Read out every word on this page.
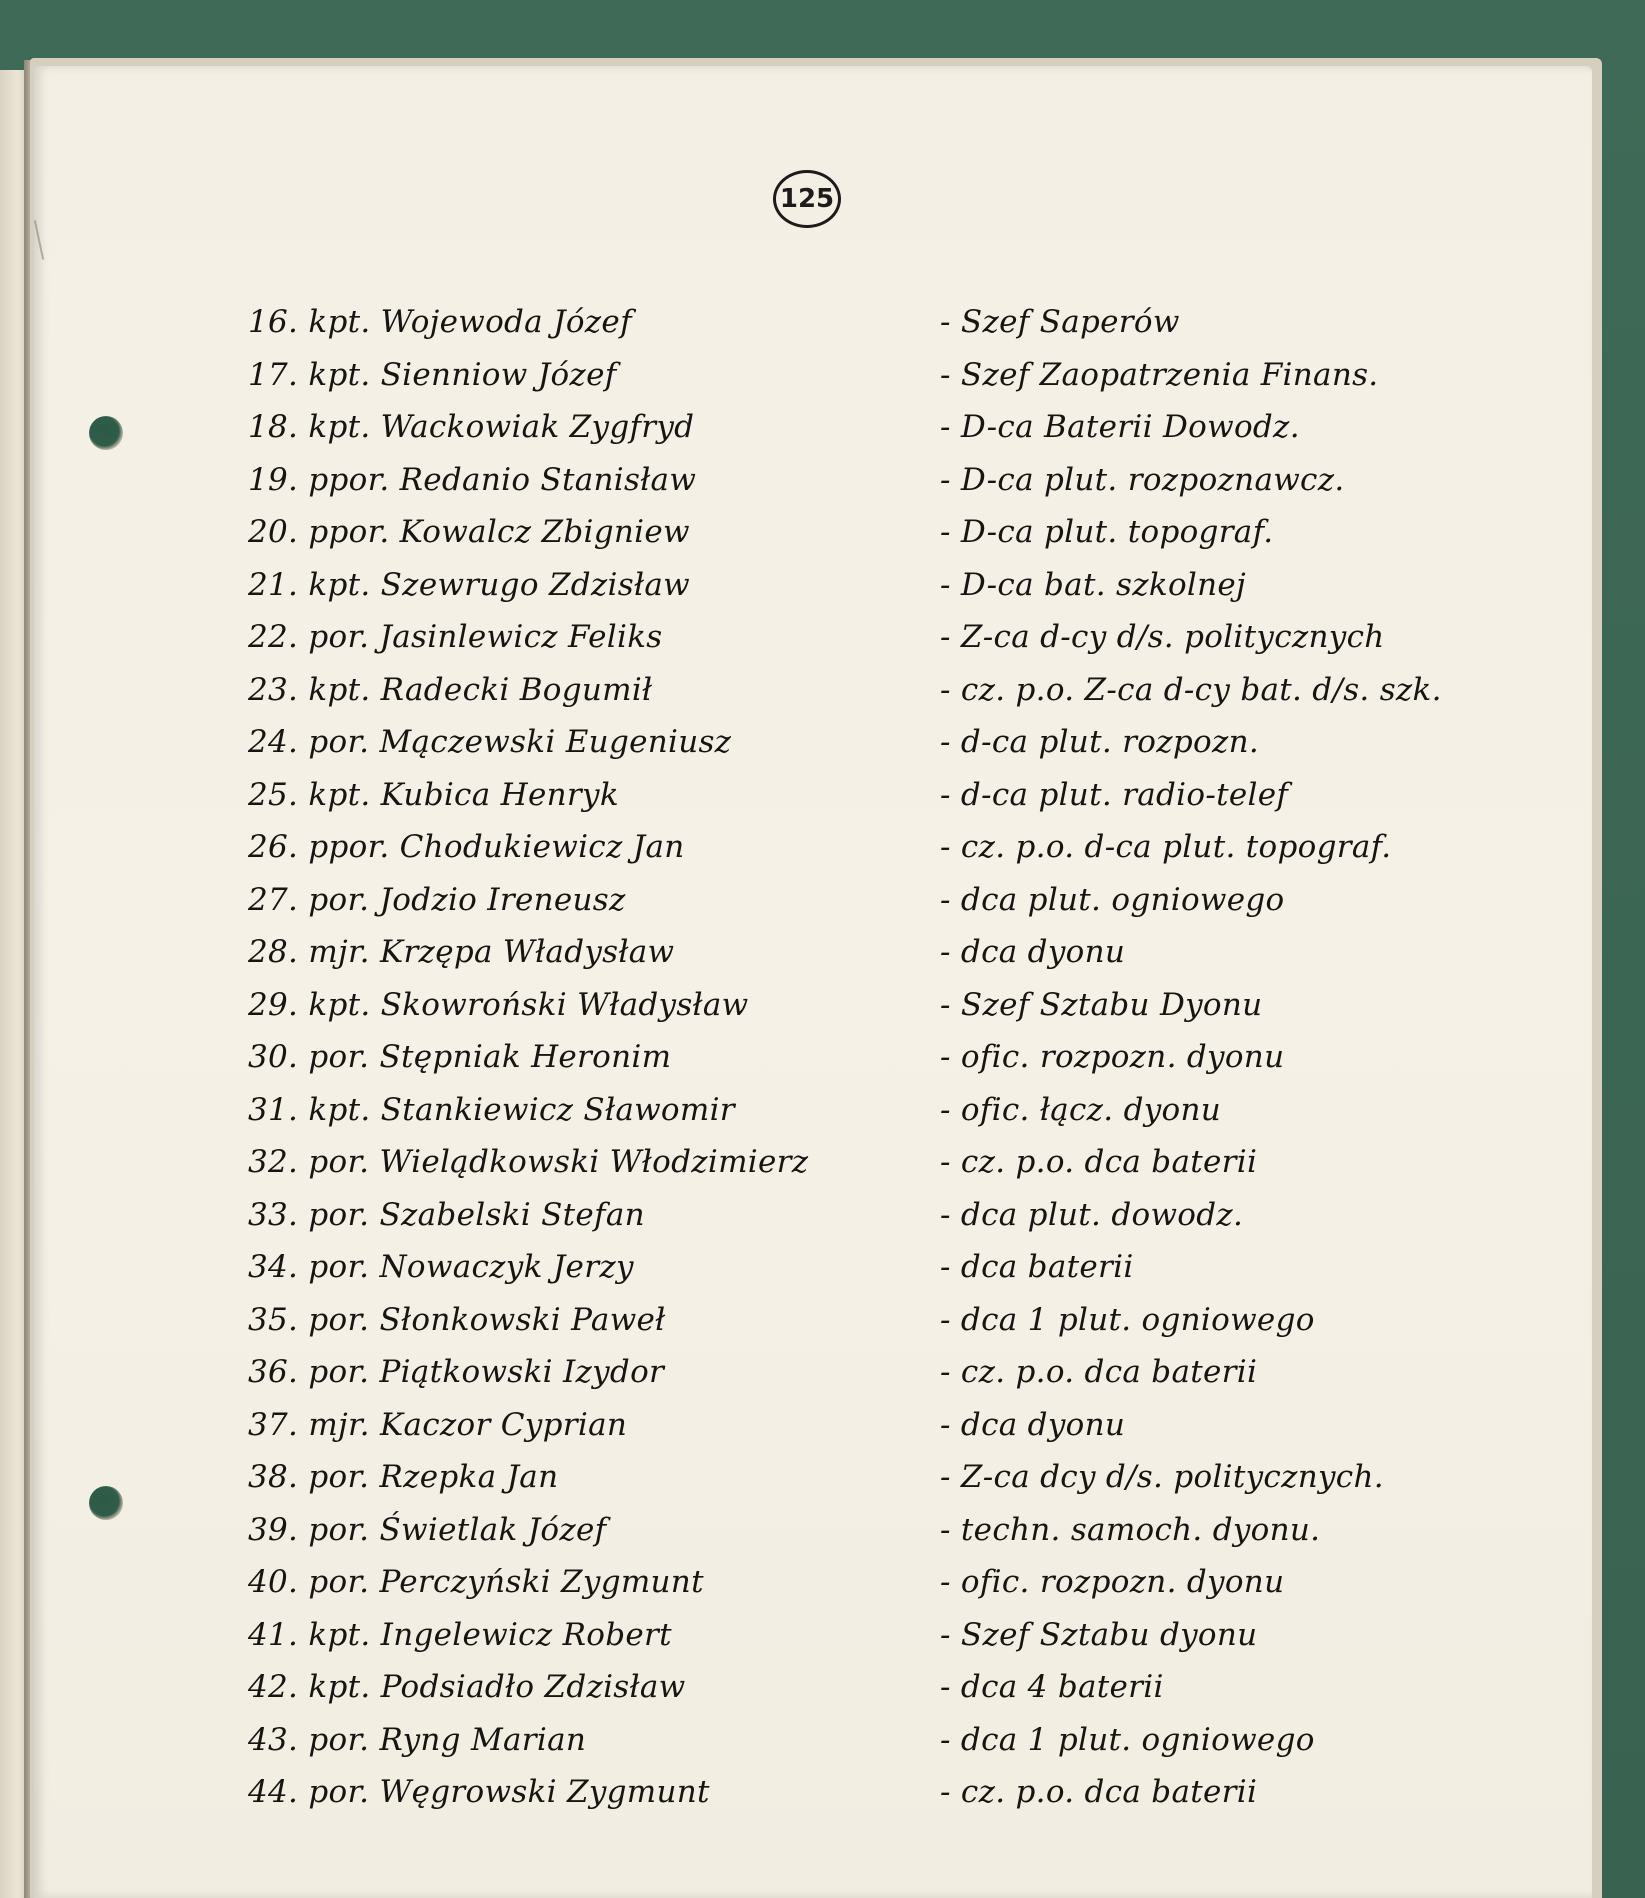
125
16. kpt. Wojewoda Józef	- Szef Saperów
17. kpt. Sienniow Józef	- Szef Zaopatrzenia Finans.
18. kpt. Wackowiak Zygfryd	- D-ca Baterii Dowodz.
19. ppor. Redanio Stanisław	- D-ca plut. rozpoznawcz.
20. ppor. Kowalcz Zbigniew	- D-ca plut. topograf.
21. kpt. Szewrugo Zdzisław	- D-ca bat. szkolnej
22. por. Jasinlewicz Feliks	- Z-ca d-cy d/s. politycznych
23. kpt. Radecki Bogumił	- cz. p.o. Z-ca d-cy bat. d/s. szk.
24. por. Mączewski Eugeniusz	- d-ca plut. rozpozn.
25. kpt. Kubica Henryk	- d-ca plut. radio-telef
26. ppor. Chodukiewicz Jan	- cz. p.o. d-ca plut. topograf.
27. por. Jodzio Ireneusz	- dca plut. ogniowego
28. mjr. Krzępa Władysław	- dca dyonu
29. kpt. Skowroński Władysław	- Szef Sztabu Dyonu
30. por. Stępniak Heronim	- ofic. rozpozn. dyonu
31. kpt. Stankiewicz Sławomir	- ofic. łącz. dyonu
32. por. Wielądkowski Włodzimierz	- cz. p.o. dca baterii
33. por. Szabelski Stefan	- dca plut. dowodz.
34. por. Nowaczyk Jerzy	- dca baterii
35. por. Słonkowski Paweł	- dca 1 plut. ogniowego
36. por. Piątkowski Izydor	- cz. p.o. dca baterii
37. mjr. Kaczor Cyprian	- dca dyonu
38. por. Rzepka Jan	- Z-ca dcy d/s. politycznych.
39. por. Świetlak Józef	- techn. samoch. dyonu.
40. por. Perczyński Zygmunt	- ofic. rozpozn. dyonu
41. kpt. Ingelewicz Robert	- Szef Sztabu dyonu
42. kpt. Podsiadło Zdzisław	- dca 4 baterii
43. por. Ryng Marian	- dca 1 plut. ogniowego
44. por. Węgrowski Zygmunt	- cz. p.o. dca baterii
